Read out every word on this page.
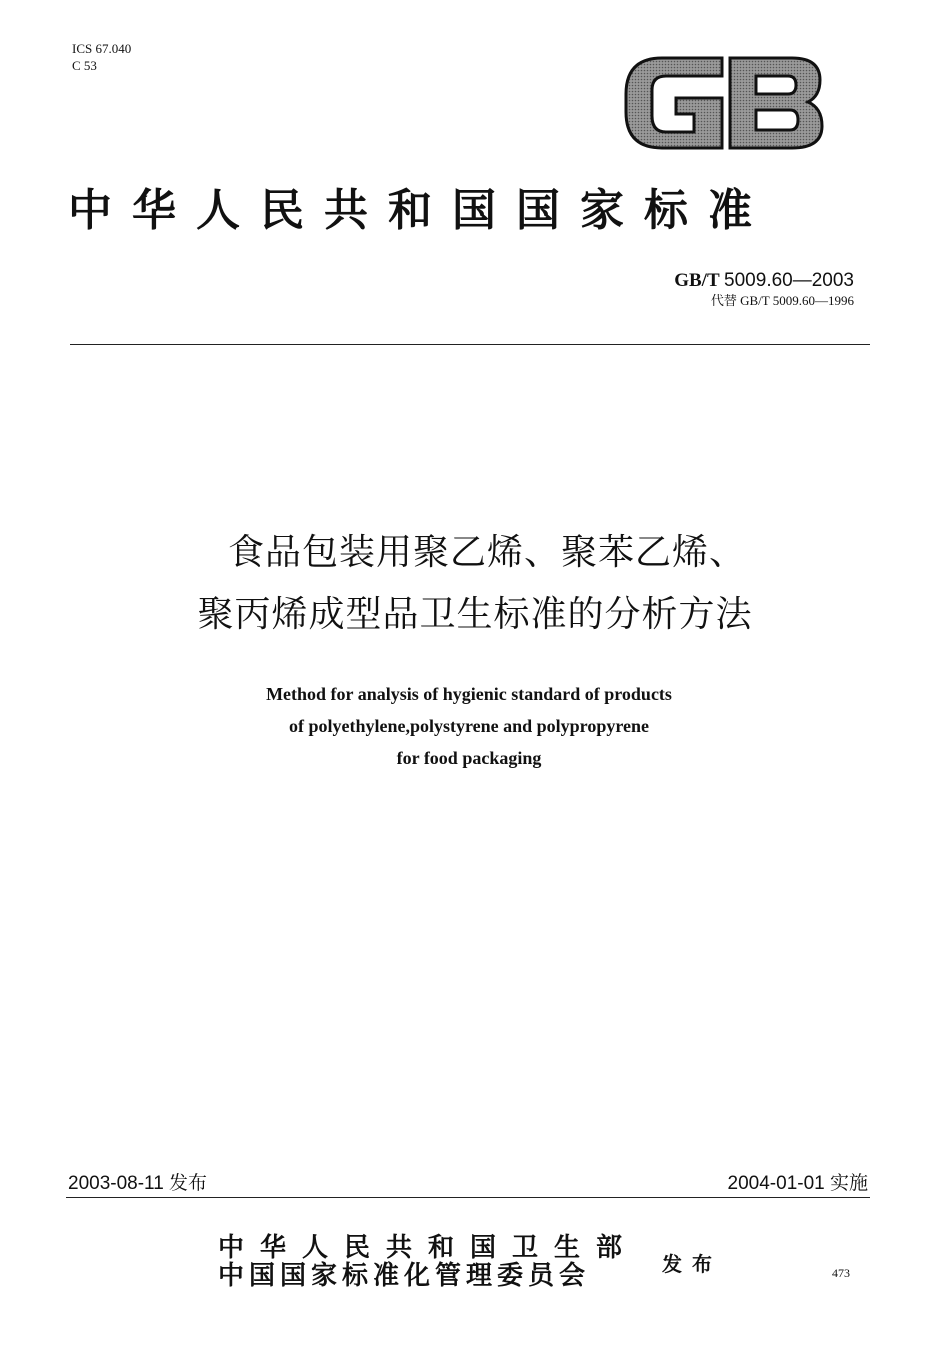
ICS 67.040
C 53
中华人民共和国国家标准
GB/T 5009.60—2003
代替 GB/T 5009.60—1996
食品包装用聚乙烯、聚苯乙烯、
聚丙烯成型品卫生标准的分析方法
Method for analysis of hygienic standard of products
of polyethylene,polystyrene and polypropyrene
for food packaging
2003-08-11 发布	2004-01-01 实施
中华人民共和国卫生部
中国国家标准化管理委员会	发布	473
